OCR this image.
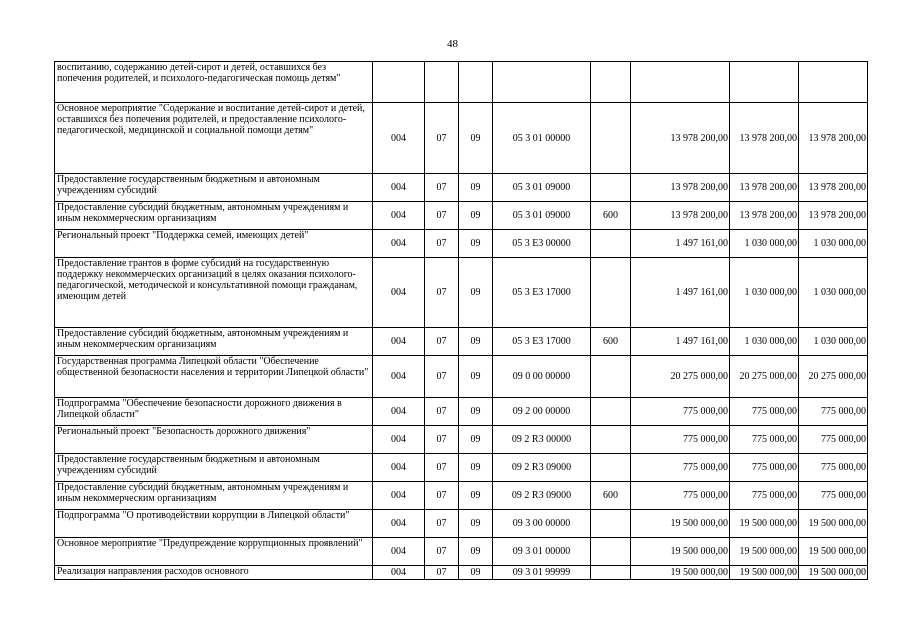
48
воспитанию, содержанию детей-сирот и детей, оставшихся без попечения родителей, и психолого-педагогическая помощь детям"								
Основное мероприятие "Содержание и воспитание детей-сирот и детей, оставшихся без попечения родителей, и предоставление психолого-педагогической, медицинской и социальной помощи детям"	004	07	09	05 3 01 00000		13 978 200,00	13 978 200,00	13 978 200,00
Предоставление государственным бюджетным и автономным учреждениям субсидий	004	07	09	05 3 01 09000		13 978 200,00	13 978 200,00	13 978 200,00
Предоставление субсидий бюджетным, автономным учреждениям и иным некоммерческим организациям	004	07	09	05 3 01 09000	600	13 978 200,00	13 978 200,00	13 978 200,00
Региональный проект "Поддержка семей, имеющих детей"	004	07	09	05 3 E3 00000		1 497 161,00	1 030 000,00	1 030 000,00
Предоставление грантов в форме субсидий на государственную поддержку некоммерческих организаций в целях оказания психолого-педагогической, методической и консультативной помощи гражданам, имеющим детей	004	07	09	05 3 E3 17000		1 497 161,00	1 030 000,00	1 030 000,00
Предоставление субсидий бюджетным, автономным учреждениям и иным некоммерческим организациям	004	07	09	05 3 E3 17000	600	1 497 161,00	1 030 000,00	1 030 000,00
Государственная программа Липецкой области "Обеспечение общественной безопасности населения и территории Липецкой области"	004	07	09	09 0 00 00000		20 275 000,00	20 275 000,00	20 275 000,00
Подпрограмма "Обеспечение безопасности дорожного движения в Липецкой области"	004	07	09	09 2 00 00000		775 000,00	775 000,00	775 000,00
Региональный проект "Безопасность дорожного движения"	004	07	09	09 2 R3 00000		775 000,00	775 000,00	775 000,00
Предоставление государственным бюджетным и автономным учреждениям субсидий	004	07	09	09 2 R3 09000		775 000,00	775 000,00	775 000,00
Предоставление субсидий бюджетным, автономным учреждениям и иным некоммерческим организациям	004	07	09	09 2 R3 09000	600	775 000,00	775 000,00	775 000,00
Подпрограмма "О противодействии коррупции в Липецкой области"	004	07	09	09 3 00 00000		19 500 000,00	19 500 000,00	19 500 000,00
Основное мероприятие "Предупреждение коррупционных проявлений"	004	07	09	09 3 01 00000		19 500 000,00	19 500 000,00	19 500 000,00
Реализация направления расходов основного	004	07	09	09 3 01 99999		19 500 000,00	19 500 000,00	19 500 000,00
